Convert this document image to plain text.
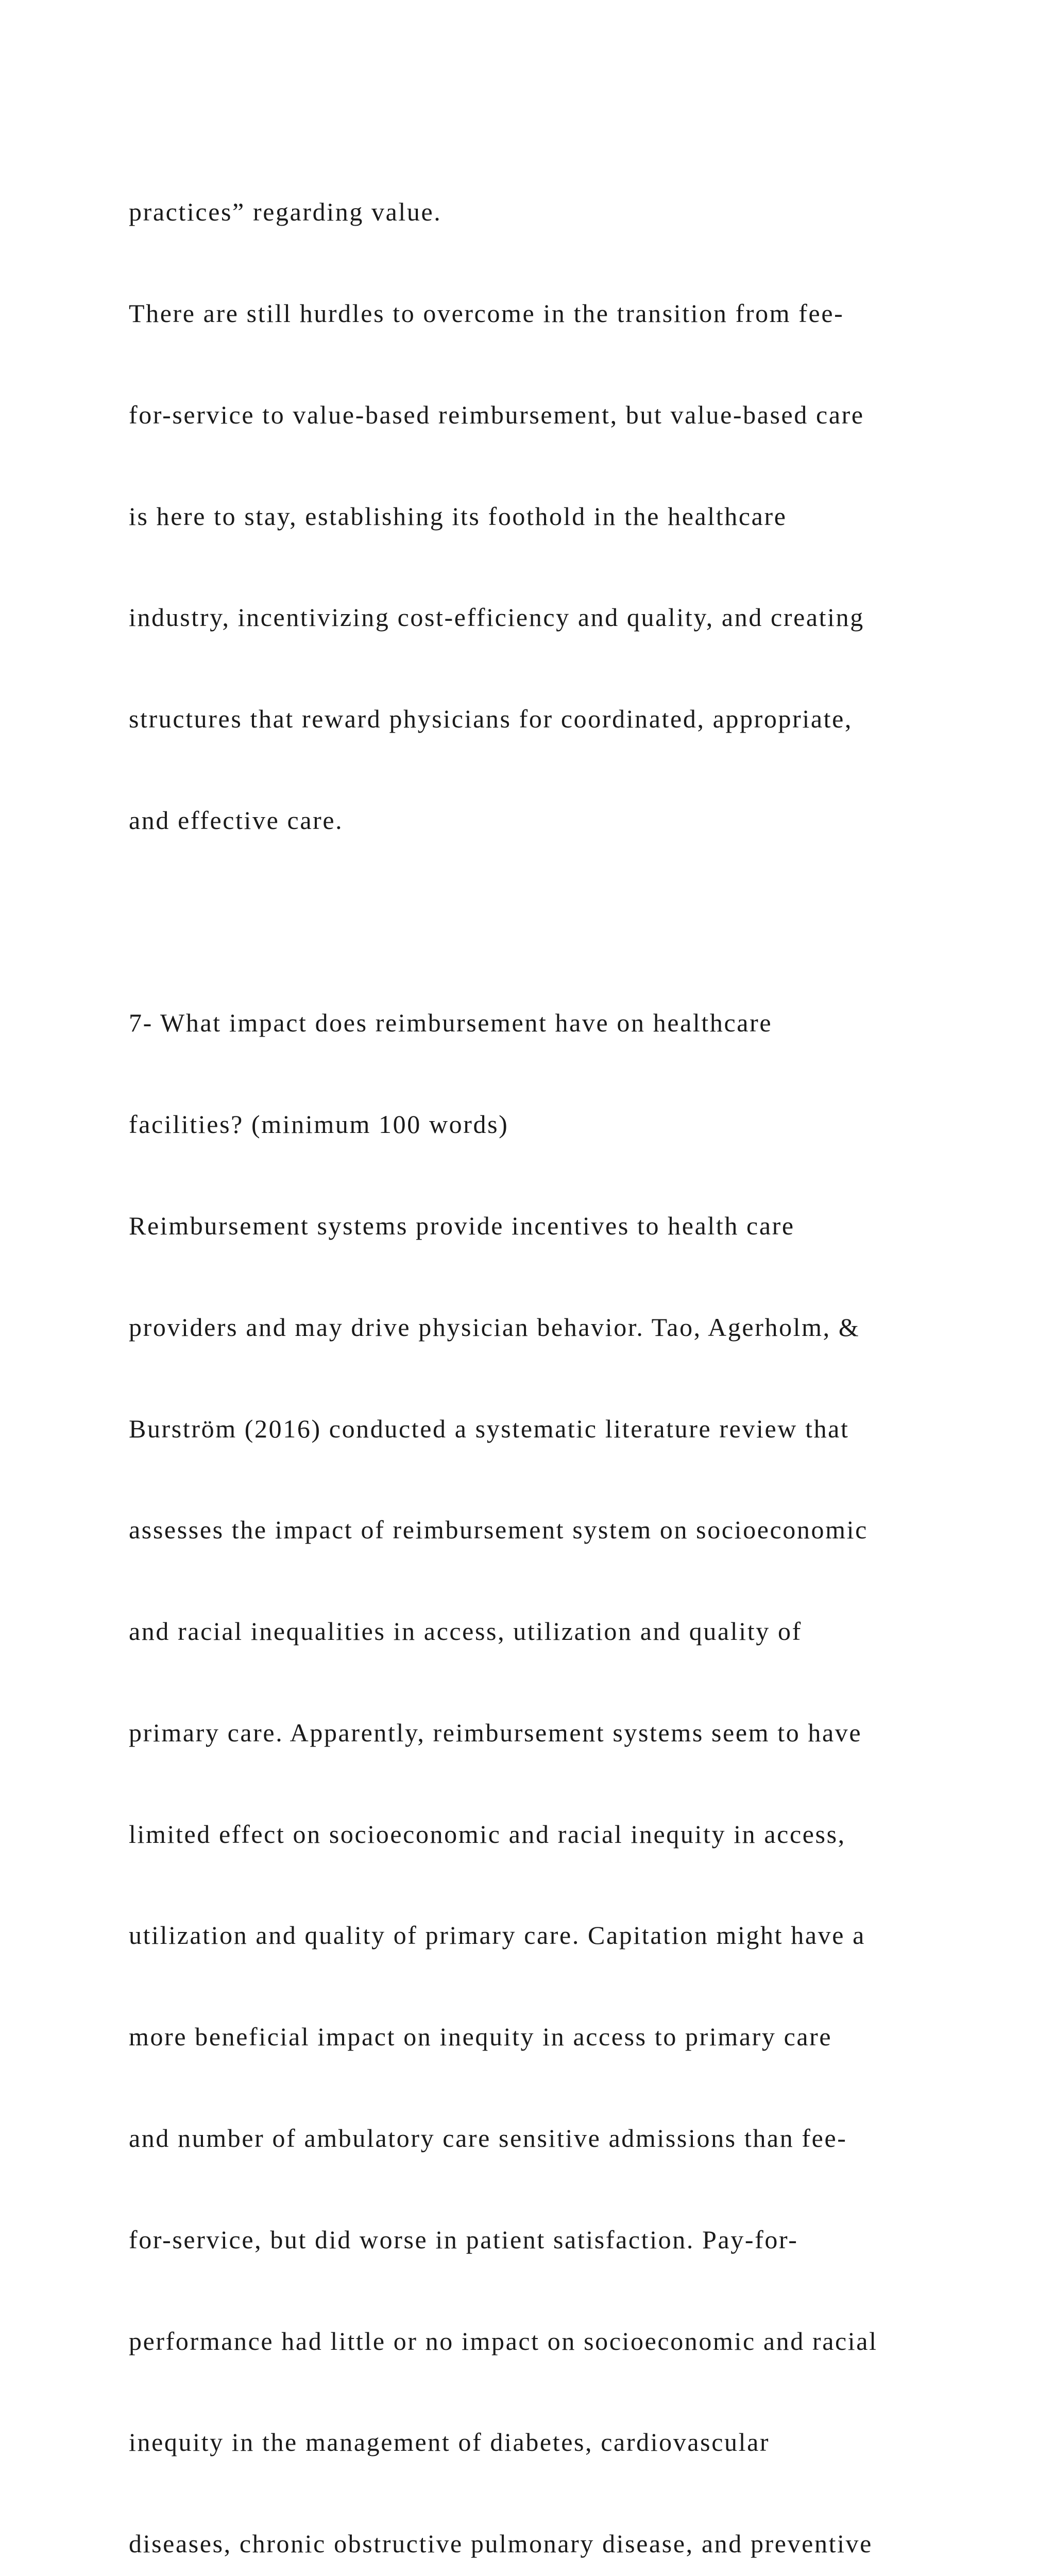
practices” regarding value.

There are still hurdles to overcome in the transition from fee-

for-service to value-based reimbursement, but value-based care

is here to stay, establishing its foothold in the healthcare

industry, incentivizing cost-efficiency and quality, and creating

structures that reward physicians for coordinated, appropriate,

and effective care.

7- What impact does reimbursement have on healthcare

facilities? (minimum 100 words)

Reimbursement systems provide incentives to health care

providers and may drive physician behavior. Tao, Agerholm, &

Burström (2016) conducted a systematic literature review that

assesses the impact of reimbursement system on socioeconomic

and racial inequalities in access, utilization and quality of

primary care. Apparently, reimbursement systems seem to have

limited effect on socioeconomic and racial inequity in access,

utilization and quality of primary care. Capitation might have a

more beneficial impact on inequity in access to primary care

and number of ambulatory care sensitive admissions than fee-

for-service, but did worse in patient satisfaction. Pay-for-

performance had little or no impact on socioeconomic and racial

inequity in the management of diabetes, cardiovascular

diseases, chronic obstructive pulmonary disease, and preventive
